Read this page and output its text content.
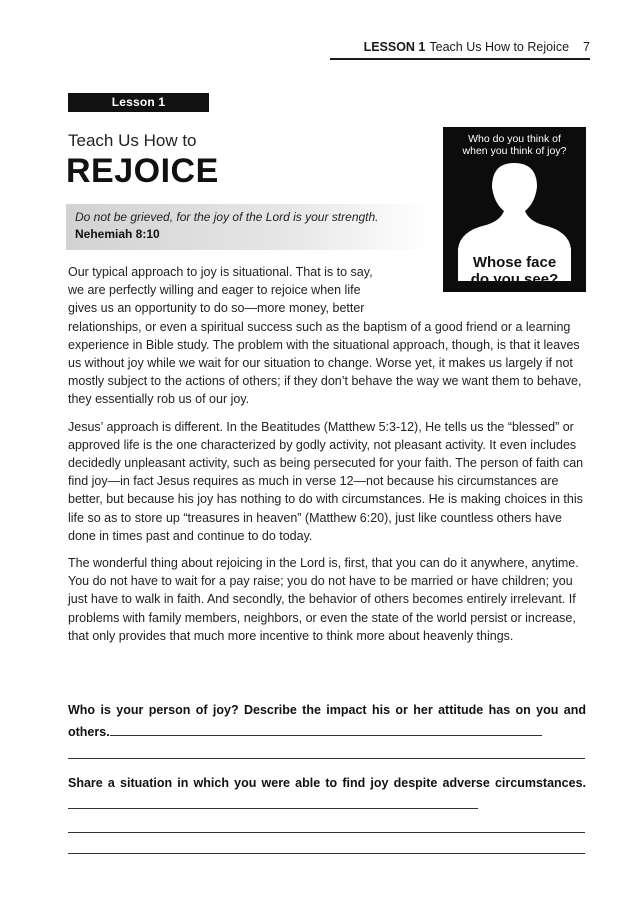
LESSON 1 Teach Us How to Rejoice 7
Lesson 1
Teach Us How to
REJOICE
Do not be grieved, for the joy of the Lord is your strength.
Nehemiah 8:10
Who do you think of
when you think of joy?
Whose face
do you see?

Our typical approach to joy is situational. That is to say,
we are perfectly willing and eager to rejoice when life
gives us an opportunity to do so—more money, better
relationships, or even a spiritual success such as the baptism of a good friend or a learning experience in Bible study. The problem with the situational approach, though, is that it leaves us without joy while we wait for our situation to change. Worse yet, it makes us largely if not mostly subject to the actions of others; if they don’t behave the way we want them to behave, they essentially rob us of our joy.

Jesus’ approach is different. In the Beatitudes (Matthew 5:3-12), He tells us the “blessed” or approved life is the one characterized by godly activity, not pleasant activity. It even includes decidedly unpleasant activity, such as being persecuted for your faith. The person of faith can find joy—in fact Jesus requires as much in verse 12—not because his circumstances are better, but because his joy has nothing to do with circumstances. He is making choices in this life so as to store up “treasures in heaven” (Matthew 6:20), just like countless others have done in times past and continue to do today.

The wonderful thing about rejoicing in the Lord is, first, that you can do it anywhere, anytime. You do not have to wait for a pay raise; you do not have to be married or have children; you just have to walk in faith. And secondly, the behavior of others becomes entirely irrelevant. If problems with family members, neighbors, or even the state of the world persist or increase, that only provides that much more incentive to think more about heavenly things.

Who is your person of joy? Describe the impact his or her attitude has on you and others.
Share a situation in which you were able to find joy despite adverse circumstances.
